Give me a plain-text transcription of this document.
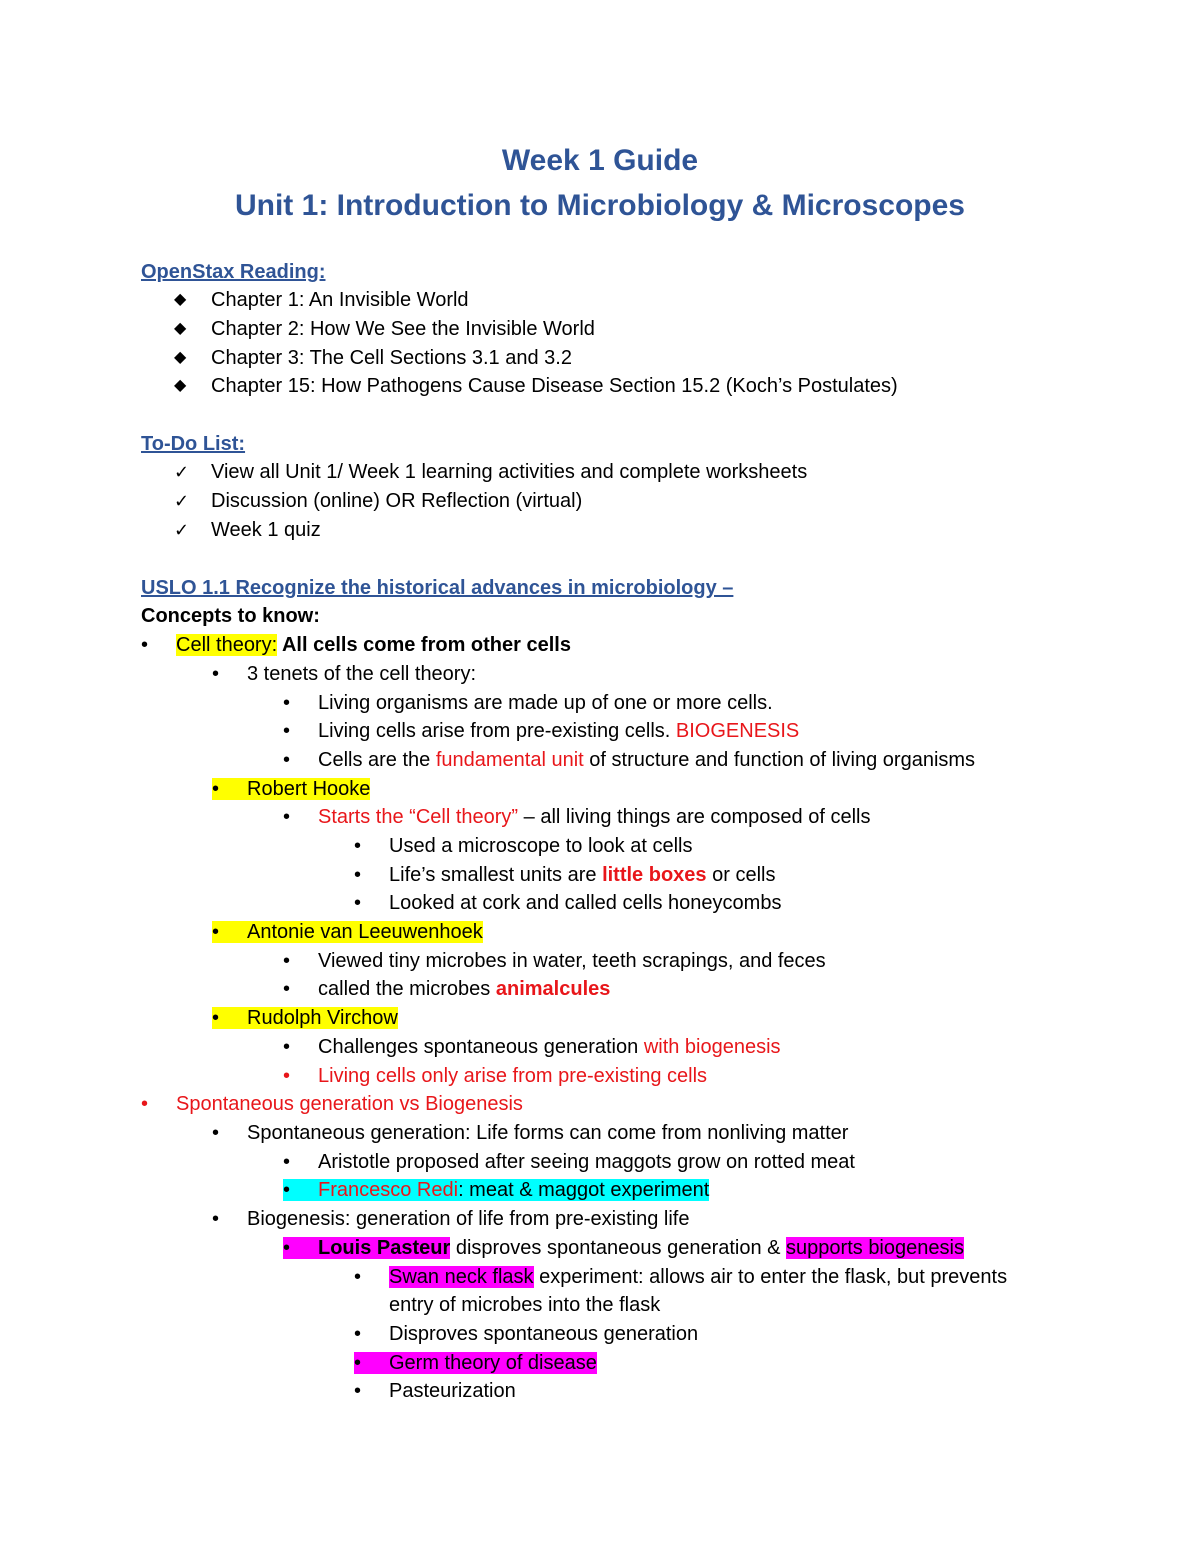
Week 1 Guide
Unit 1: Introduction to Microbiology & Microscopes
OpenStax Reading:
◆ Chapter 1: An Invisible World
◆ Chapter 2: How We See the Invisible World
◆ Chapter 3: The Cell Sections 3.1 and 3.2
◆ Chapter 15: How Pathogens Cause Disease Section 15.2 (Koch’s Postulates)
To-Do List:
✓ View all Unit 1/ Week 1 learning activities and complete worksheets
✓ Discussion (online) OR Reflection (virtual)
✓ Week 1 quiz
USLO 1.1 Recognize the historical advances in microbiology –
Concepts to know:
• Cell theory: All cells come from other cells
• 3 tenets of the cell theory:
• Living organisms are made up of one or more cells.
• Living cells arise from pre-existing cells. BIOGENESIS
• Cells are the fundamental unit of structure and function of living organisms
• Robert Hooke
• Starts the “Cell theory” – all living things are composed of cells
• Used a microscope to look at cells
• Life’s smallest units are little boxes or cells
• Looked at cork and called cells honeycombs
• Antonie van Leeuwenhoek
• Viewed tiny microbes in water, teeth scrapings, and feces
• called the microbes animalcules
• Rudolph Virchow
• Challenges spontaneous generation with biogenesis
• Living cells only arise from pre-existing cells
• Spontaneous generation vs Biogenesis
• Spontaneous generation: Life forms can come from nonliving matter
• Aristotle proposed after seeing maggots grow on rotted meat
• Francesco Redi: meat & maggot experiment
• Biogenesis: generation of life from pre-existing life
• Louis Pasteur disproves spontaneous generation & supports biogenesis
• Swan neck flask experiment: allows air to enter the flask, but prevents
entry of microbes into the flask
• Disproves spontaneous generation
• Germ theory of disease
• Pasteurization
